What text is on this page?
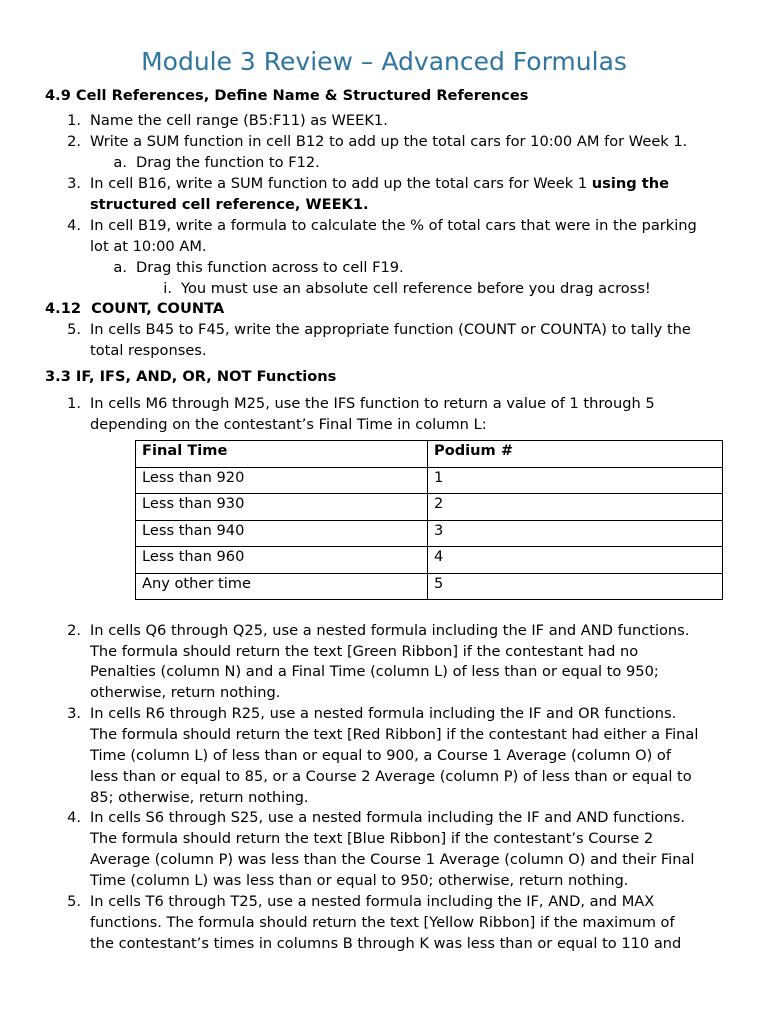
Module 3 Review – Advanced Formulas
4.9 Cell References, Define Name & Structured References
1. Name the cell range (B5:F11) as WEEK1.
2. Write a SUM function in cell B12 to add up the total cars for 10:00 AM for Week 1.
a. Drag the function to F12.
3. In cell B16, write a SUM function to add up the total cars for Week 1 using the
structured cell reference, WEEK1.
4. In cell B19, write a formula to calculate the % of total cars that were in the parking
lot at 10:00 AM.
a. Drag this function across to cell F19.
i. You must use an absolute cell reference before you drag across!
4.12  COUNT, COUNTA
5. In cells B45 to F45, write the appropriate function (COUNT or COUNTA) to tally the
total responses.
3.3 IF, IFS, AND, OR, NOT Functions
1. In cells M6 through M25, use the IFS function to return a value of 1 through 5
depending on the contestant’s Final Time in column L:
Final Time	Podium #
Less than 920	1
Less than 930	2
Less than 940	3
Less than 960	4
Any other time	5
2. In cells Q6 through Q25, use a nested formula including the IF and AND functions.
The formula should return the text [Green Ribbon] if the contestant had no
Penalties (column N) and a Final Time (column L) of less than or equal to 950;
otherwise, return nothing.
3. In cells R6 through R25, use a nested formula including the IF and OR functions.
The formula should return the text [Red Ribbon] if the contestant had either a Final
Time (column L) of less than or equal to 900, a Course 1 Average (column O) of
less than or equal to 85, or a Course 2 Average (column P) of less than or equal to
85; otherwise, return nothing.
4. In cells S6 through S25, use a nested formula including the IF and AND functions.
The formula should return the text [Blue Ribbon] if the contestant’s Course 2
Average (column P) was less than the Course 1 Average (column O) and their Final
Time (column L) was less than or equal to 950; otherwise, return nothing.
5. In cells T6 through T25, use a nested formula including the IF, AND, and MAX
functions. The formula should return the text [Yellow Ribbon] if the maximum of
the contestant’s times in columns B through K was less than or equal to 110 and
